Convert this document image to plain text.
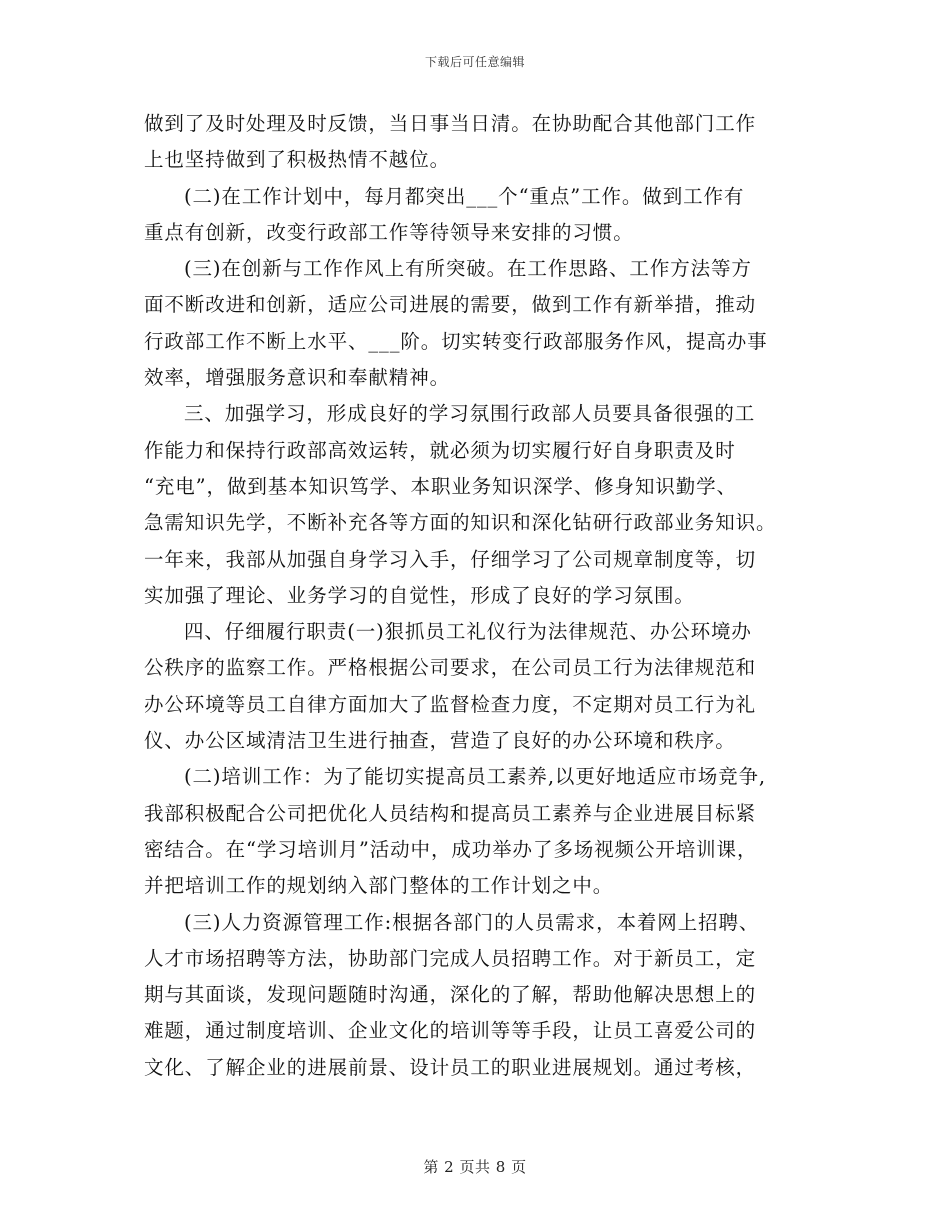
下载后可任意编辑
做到了及时处理及时反馈，当日事当日清。在协助配合其他部门工作
上也坚持做到了积极热情不越位。
(二)在工作计划中，每月都突出___个“重点”工作。做到工作有
重点有创新，改变行政部工作等待领导来安排的习惯。
(三)在创新与工作作风上有所突破。在工作思路、工作方法等方
面不断改进和创新，适应公司进展的需要，做到工作有新举措，推动
行政部工作不断上水平、___阶。切实转变行政部服务作风，提高办事
效率，增强服务意识和奉献精神。
三、加强学习，形成良好的学习氛围行政部人员要具备很强的工
作能力和保持行政部高效运转，就必须为切实履行好自身职责及时
“充电”，做到基本知识笃学、本职业务知识深学、修身知识勤学、
急需知识先学，不断补充各等方面的知识和深化钻研行政部业务知识。
一年来，我部从加强自身学习入手，仔细学习了公司规章制度等，切
实加强了理论、业务学习的自觉性，形成了良好的学习氛围。
四、仔细履行职责(一)狠抓员工礼仪行为法律规范、办公环境办
公秩序的监察工作。严格根据公司要求，在公司员工行为法律规范和
办公环境等员工自律方面加大了监督检查力度，不定期对员工行为礼
仪、办公区域清洁卫生进行抽查，营造了良好的办公环境和秩序。
(二)培训工作：为了能切实提高员工素养,以更好地适应市场竞争,
我部积极配合公司把优化人员结构和提高员工素养与企业进展目标紧
密结合。在“学习培训月”活动中，成功举办了多场视频公开培训课，
并把培训工作的规划纳入部门整体的工作计划之中。
(三)人力资源管理工作:根据各部门的人员需求，本着网上招聘、
人才市场招聘等方法，协助部门完成人员招聘工作。对于新员工，定
期与其面谈，发现问题随时沟通，深化的了解，帮助他解决思想上的
难题，通过制度培训、企业文化的培训等等手段，让员工喜爱公司的
文化、了解企业的进展前景、设计员工的职业进展规划。通过考核，
第 2 页共 8 页
